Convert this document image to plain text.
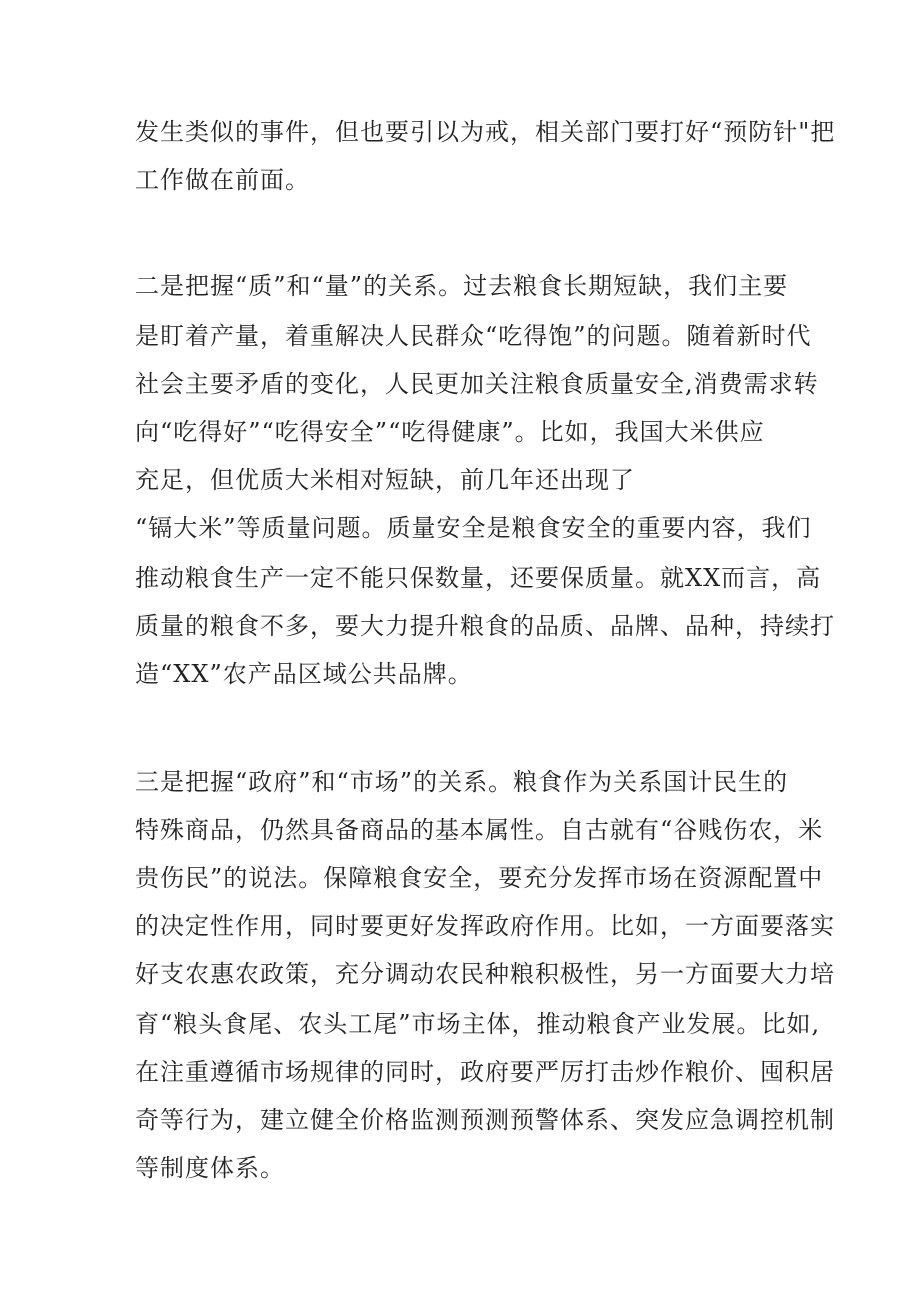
发生类似的事件，但也要引以为戒，相关部门要打好“预防针"把
工作做在前面。
二是把握“质”和“量”的关系。过去粮食长期短缺，我们主要
是盯着产量，着重解决人民群众“吃得饱”的问题。随着新时代
社会主要矛盾的变化，人民更加关注粮食质量安全,消费需求转
向“吃得好”“吃得安全”“吃得健康”。比如，我国大米供应
充足，但优质大米相对短缺，前几年还出现了
“镉大米”等质量问题。质量安全是粮食安全的重要内容，我们
推动粮食生产一定不能只保数量，还要保质量。就XX而言，高
质量的粮食不多，要大力提升粮食的品质、品牌、品种，持续打
造“XX”农产品区域公共品牌。
三是把握“政府”和“市场”的关系。粮食作为关系国计民生的
特殊商品，仍然具备商品的基本属性。自古就有“谷贱伤农，米
贵伤民”的说法。保障粮食安全，要充分发挥市场在资源配置中
的决定性作用，同时要更好发挥政府作用。比如，一方面要落实
好支农惠农政策，充分调动农民种粮积极性，另一方面要大力培
育“粮头食尾、农头工尾”市场主体，推动粮食产业发展。比如,
在注重遵循市场规律的同时，政府要严厉打击炒作粮价、囤积居
奇等行为，建立健全价格监测预测预警体系、突发应急调控机制
等制度体系。
